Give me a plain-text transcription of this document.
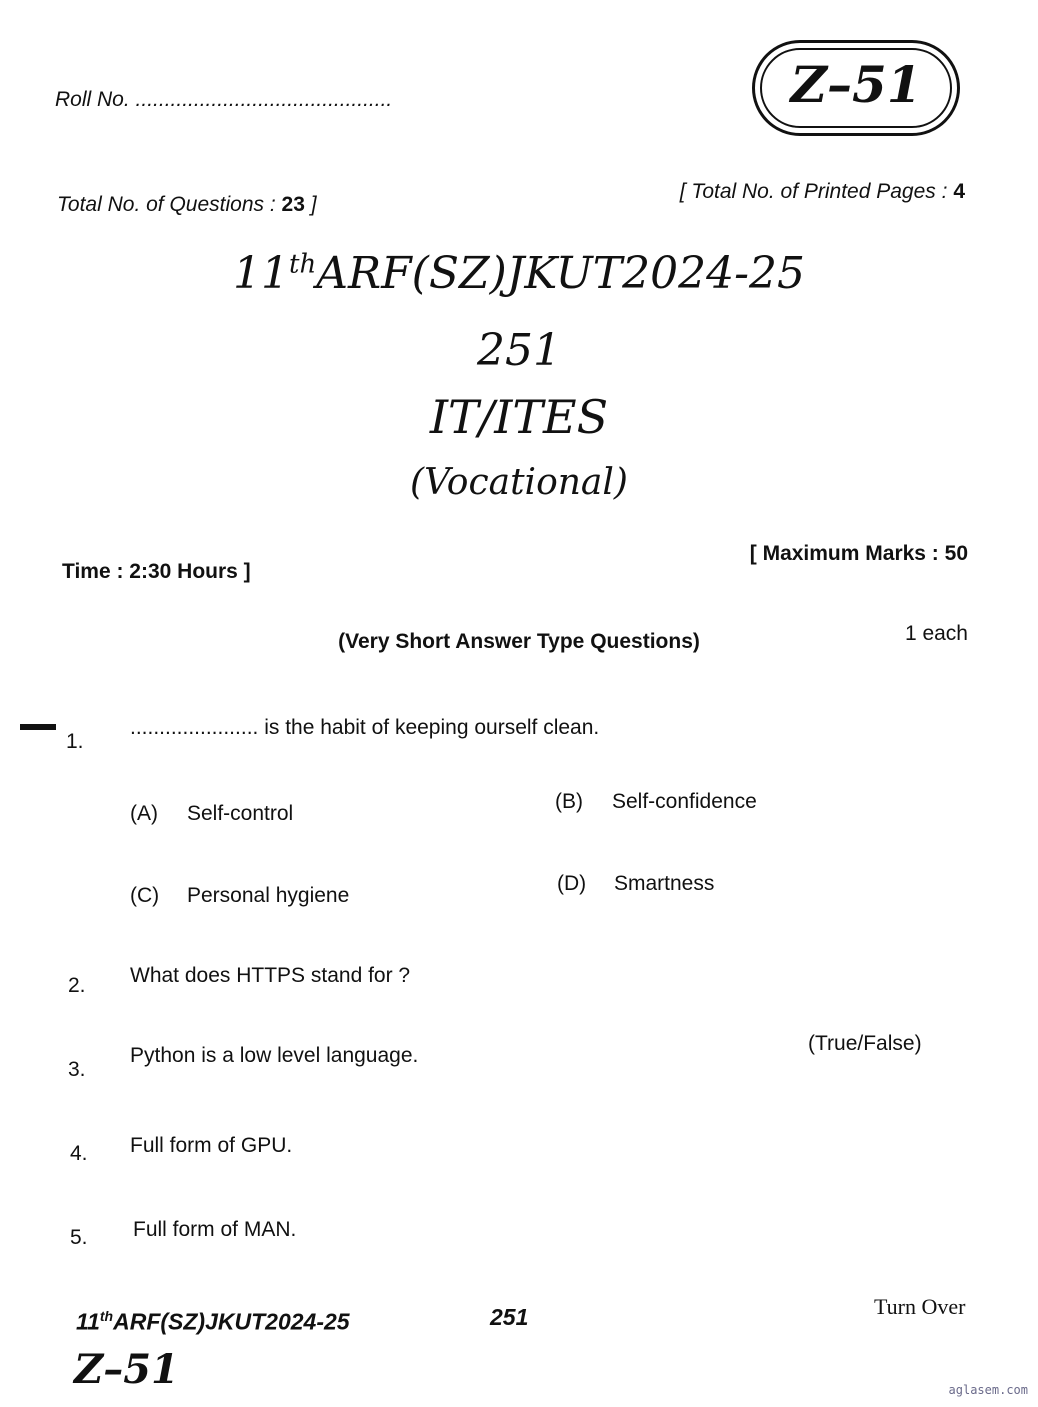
Roll No. ............................................	Z–51
Total No. of Questions : 23 ]
[ Total No. of Printed Pages : 4
11thARF(SZ)JKUT2024-25
251
IT/ITES
(Vocational)
Time : 2:30 Hours ]
[ Maximum Marks : 50
(Very Short Answer Type Questions)	1 each
1.
...................... is the habit of keeping ourself clean.
(A) Self-control
(B) Self-confidence
(C) Personal hygiene
(D) Smartness
2. What does HTTPS stand for ?
3.
Python is a low level language.
(True/False)
4. Full form of GPU.
5. Full form of MAN.
11thARF(SZ)JKUT2024-25	251
Z–51
Turn Over
aglasem.com
